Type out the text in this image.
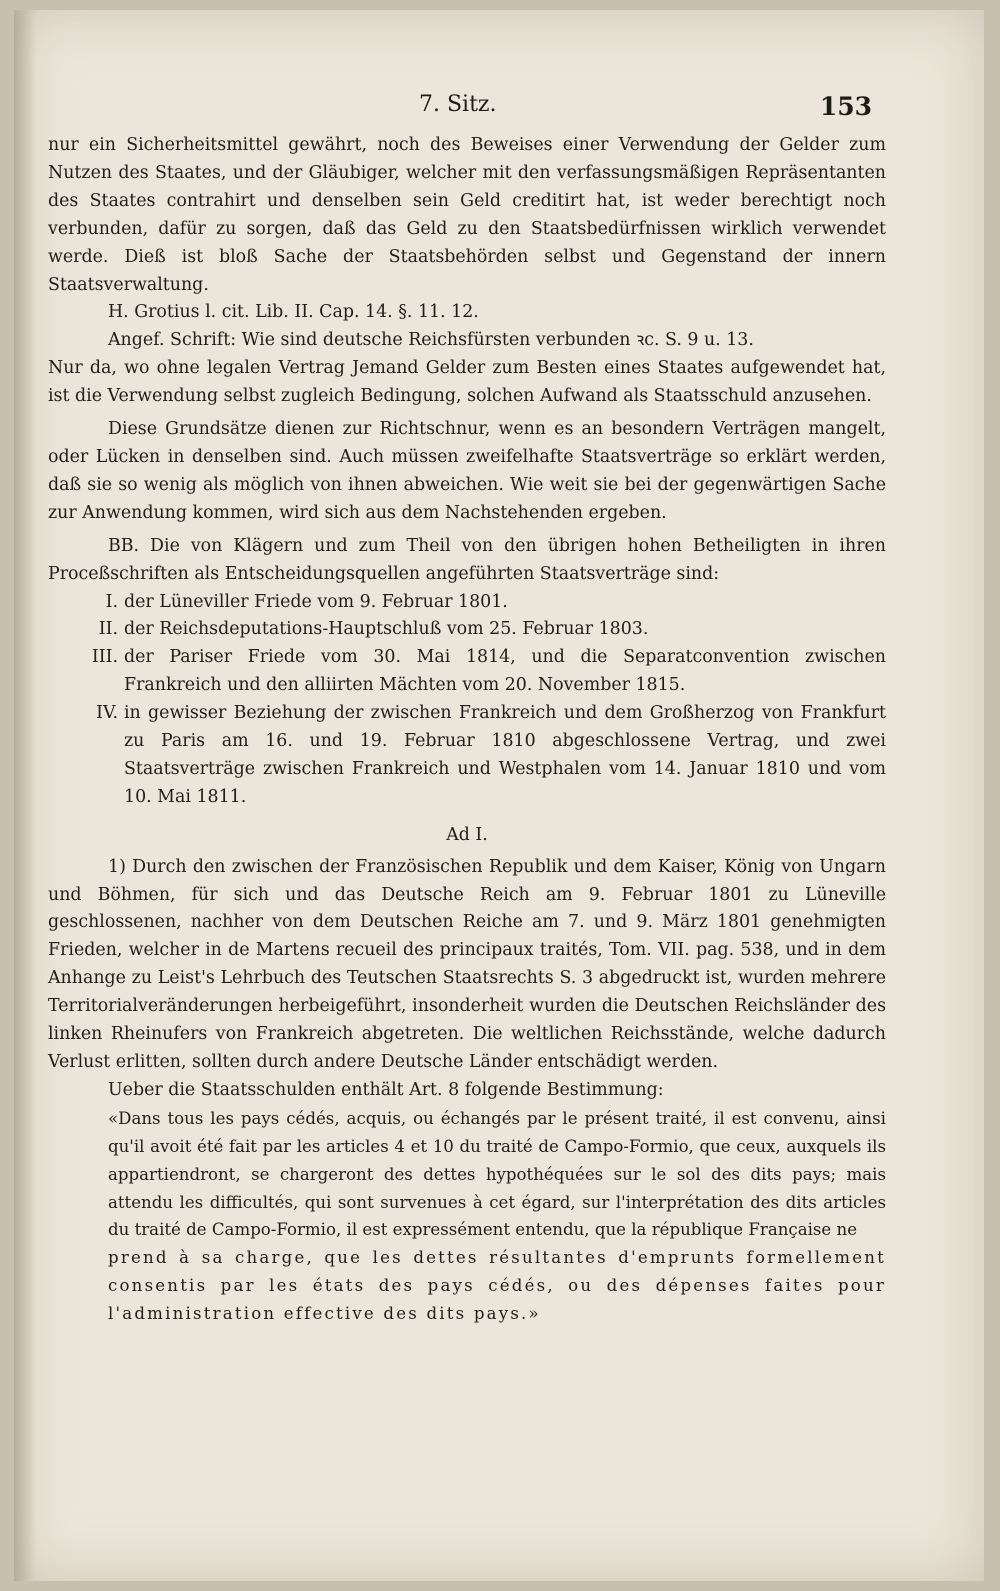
7. Sitz.	153

nur ein Sicherheitsmittel gewährt, noch des Beweises einer Verwendung der Gelder zum Nutzen des Staates, und der Gläubiger, welcher mit den verfassungsmäßigen Repräsentanten des Staates contrahirt und denselben sein Geld creditirt hat, ist weder berechtigt noch verbunden, dafür zu sorgen, daß das Geld zu den Staatsbedürfnissen wirklich verwendet werde. Dieß ist bloß Sache der Staatsbehörden selbst und Gegenstand der innern Staatsverwaltung.

H. Grotius l. cit. Lib. II. Cap. 14. §. 11. 12.

Angef. Schrift: Wie sind deutsche Reichsfürsten verbunden ꝛc. S. 9 u. 13.

Nur da, wo ohne legalen Vertrag Jemand Gelder zum Besten eines Staates aufgewendet hat, ist die Verwendung selbst zugleich Bedingung, solchen Aufwand als Staatsschuld anzusehen.

Diese Grundsätze dienen zur Richtschnur, wenn es an besondern Verträgen mangelt, oder Lücken in denselben sind. Auch müssen zweifelhafte Staatsverträge so erklärt werden, daß sie so wenig als möglich von ihnen abweichen. Wie weit sie bei der gegenwärtigen Sache zur Anwendung kommen, wird sich aus dem Nachstehenden ergeben.

BB. Die von Klägern und zum Theil von den übrigen hohen Betheiligten in ihren Proceßschriften als Entscheidungsquellen angeführten Staatsverträge sind:

I. der Lüneviller Friede vom 9. Februar 1801.
II. der Reichsdeputations-Hauptschluß vom 25. Februar 1803.
III. der Pariser Friede vom 30. Mai 1814, und die Separatconvention zwischen Frankreich und den alliirten Mächten vom 20. November 1815.
IV. in gewisser Beziehung der zwischen Frankreich und dem Großherzog von Frankfurt zu Paris am 16. und 19. Februar 1810 abgeschlossene Vertrag, und zwei Staatsverträge zwischen Frankreich und Westphalen vom 14. Januar 1810 und vom 10. Mai 1811.

Ad I.

1) Durch den zwischen der Französischen Republik und dem Kaiser, König von Ungarn und Böhmen, für sich und das Deutsche Reich am 9. Februar 1801 zu Lüneville geschlossenen, nachher von dem Deutschen Reiche am 7. und 9. März 1801 genehmigten Frieden, welcher in de Martens recueil des principaux traités, Tom. VII. pag. 538, und in dem Anhange zu Leist's Lehrbuch des Teutschen Staatsrechts S. 3 abgedruckt ist, wurden mehrere Territorialveränderungen herbeigeführt, insonderheit wurden die Deutschen Reichsländer des linken Rheinufers von Frankreich abgetreten. Die weltlichen Reichsstände, welche dadurch Verlust erlitten, sollten durch andere Deutsche Länder entschädigt werden.

Ueber die Staatsschulden enthält Art. 8 folgende Bestimmung:

«Dans tous les pays cédés, acquis, ou échangés par le présent traité, il est convenu, ainsi qu'il avoit été fait par les articles 4 et 10 du traité de Campo-Formio, que ceux, auxquels ils appartiendront, se chargeront des dettes hypothéquées sur le sol des dits pays; mais attendu les difficultés, qui sont survenues à cet égard, sur l'interprétation des dits articles du traité de Campo-Formio, il est expressément entendu, que la république Française ne

prend à sa charge, que les dettes résultantes d'emprunts formellement consentis par les états des pays cédés, ou des dépenses faites pour l'administration effective des dits pays.»
